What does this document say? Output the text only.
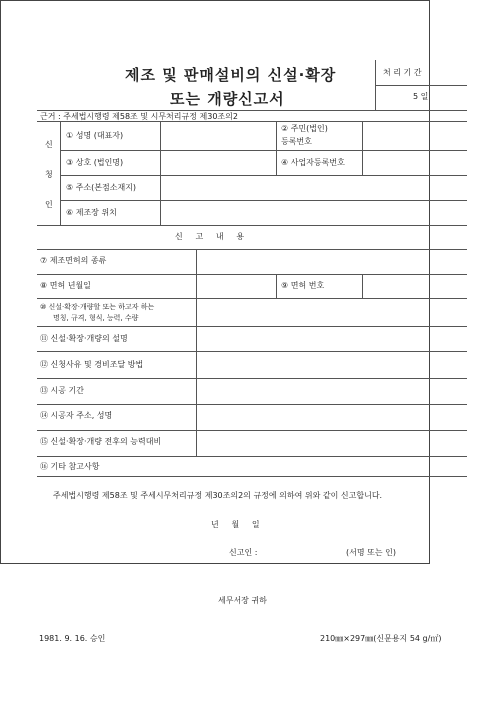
제조 및 판매설비의 신설·확장
또는 개량신고서
처 리 기 간
5 일
근거 : 주세법시행령 제58조 및 시무처리규정 제30조의2
신
청
인
① 성명 (대표자)
② 주민(법인)
등록번호
③ 상호 (법인명)	④ 사업자등록번호
⑤ 주소(본점소재지)
⑥ 제조장 위치
신     고     내     용
⑦ 제조면허의 종류
⑧ 면허 년월일	⑨ 면허 번호
⑩ 신설·확장·개량할 또는 하고자 하는
명칭, 규격, 형식, 능력, 수량
⑪ 신설·확장·개량의 설명
⑫ 신청사유 및 경비조달 방법
⑬ 시공 기간
⑭ 시공자 주소, 성명
⑮ 신설·확장·개량 전후의 능력대비
⑯ 기타 참고사항
주세법시행령 제58조 및 주세시무처리규정 제30조의2의 규정에 의하여 위와 같이 신고합니다.
년     월     일
신고인 :	(서명 또는 인)
세무서장 귀하
1981. 9. 16. 승인	210㎜×297㎜(신문용지 54 g/㎡)
